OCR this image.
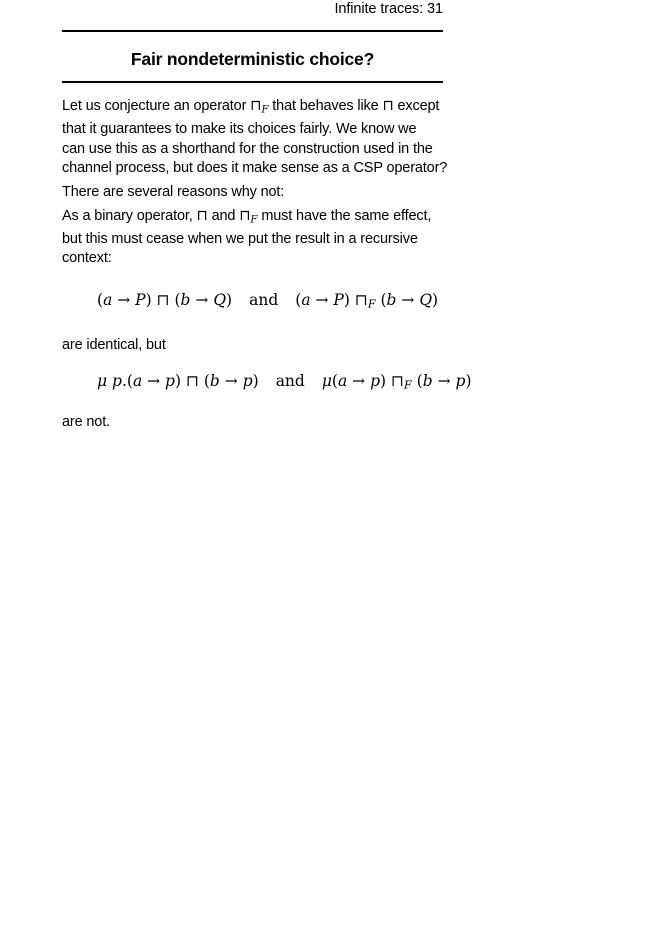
Infinite traces: 31
Fair nondeterministic choice?
Let us conjecture an operator $⊓_F$ that behaves like ⊓ except
that it guarantees to make its choices fairly. We know we
can use this as a shorthand for the construction used in the
channel process, but does it make sense as a CSP operator?
There are several reasons why not:
As a binary operator, ⊓ and $⊓_F$ must have the same effect,
but this must cease when we put the result in a recursive
context:
(a → P) ⊓ (b → Q) and (a → P) $⊓_F$ (b → Q)
are identical, but
μ p.(a → p) ⊓ (b → p) and μ(a → p) $⊓_F$ (b → p)
are not.
